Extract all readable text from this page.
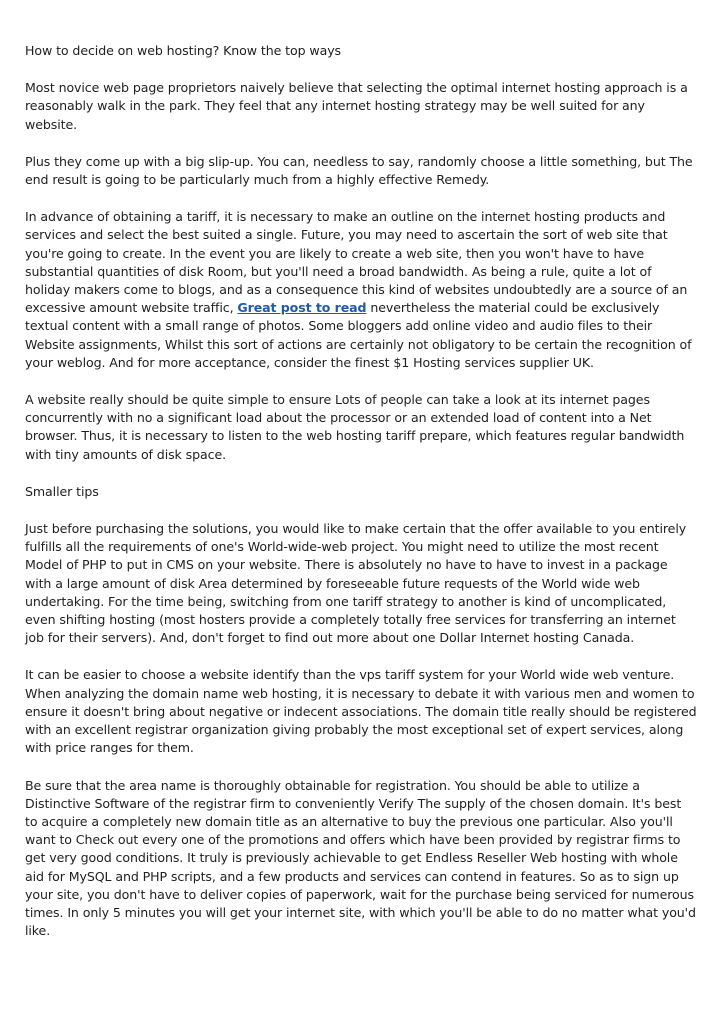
How to decide on web hosting? Know the top ways

Most novice web page proprietors naively believe that selecting the optimal internet hosting approach is a reasonably walk in the park. They feel that any internet hosting strategy may be well suited for any website.

Plus they come up with a big slip-up. You can, needless to say, randomly choose a little something, but The end result is going to be particularly much from a highly effective Remedy.

In advance of obtaining a tariff, it is necessary to make an outline on the internet hosting products and services and select the best suited a single. Future, you may need to ascertain the sort of web site that you're going to create. In the event you are likely to create a web site, then you won't have to have substantial quantities of disk Room, but you'll need a broad bandwidth. As being a rule, quite a lot of holiday makers come to blogs, and as a consequence this kind of websites undoubtedly are a source of an excessive amount website traffic, Great post to read nevertheless the material could be exclusively textual content with a small range of photos. Some bloggers add online video and audio files to their Website assignments, Whilst this sort of actions are certainly not obligatory to be certain the recognition of your weblog. And for more acceptance, consider the finest $1 Hosting services supplier UK.

A website really should be quite simple to ensure Lots of people can take a look at its internet pages concurrently with no a significant load about the processor or an extended load of content into a Net browser. Thus, it is necessary to listen to the web hosting tariff prepare, which features regular bandwidth with tiny amounts of disk space.

Smaller tips

Just before purchasing the solutions, you would like to make certain that the offer available to you entirely fulfills all the requirements of one's World-wide-web project. You might need to utilize the most recent Model of PHP to put in CMS on your website. There is absolutely no have to have to invest in a package with a large amount of disk Area determined by foreseeable future requests of the World wide web undertaking. For the time being, switching from one tariff strategy to another is kind of uncomplicated, even shifting hosting (most hosters provide a completely totally free services for transferring an internet job for their servers). And, don't forget to find out more about one Dollar Internet hosting Canada.

It can be easier to choose a website identify than the vps tariff system for your World wide web venture. When analyzing the domain name web hosting, it is necessary to debate it with various men and women to ensure it doesn't bring about negative or indecent associations. The domain title really should be registered with an excellent registrar organization giving probably the most exceptional set of expert services, along with price ranges for them.

Be sure that the area name is thoroughly obtainable for registration. You should be able to utilize a Distinctive Software of the registrar firm to conveniently Verify The supply of the chosen domain. It's best to acquire a completely new domain title as an alternative to buy the previous one particular. Also you'll want to Check out every one of the promotions and offers which have been provided by registrar firms to get very good conditions. It truly is previously achievable to get Endless Reseller Web hosting with whole aid for MySQL and PHP scripts, and a few products and services can contend in features. So as to sign up your site, you don't have to deliver copies of paperwork, wait for the purchase being serviced for numerous times. In only 5 minutes you will get your internet site, with which you'll be able to do no matter what you'd like.
